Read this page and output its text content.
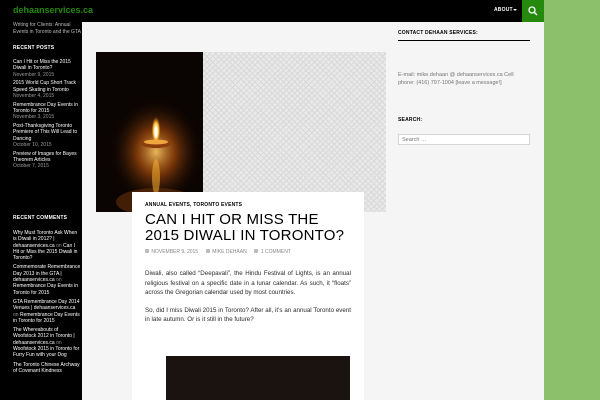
dehaanservices.ca	ABOUT
Writing for Clients: Annual Events in Toronto and the GTA
RECENT POSTS
Can I Hit or Miss the 2015 Diwali in Toronto?
November 9, 2015
2015 World Cup Short Track Speed Skating in Toronto
November 4, 2015
Remembrance Day Events in Toronto for 2015
November 3, 2015
Post-Thanksgiving Toronto Premiere of This Will Lead to Dancing
October 10, 2015
Preview of Images for Bayes Theorem Articles
October 7, 2015
RECENT COMMENTS
Why Must Toronto Ask When is Diwali in 2012? | dehaanservices.ca on Can I Hit or Miss the 2015 Diwali in Toronto?
Commemorate Remembrance Day 2013 in the GTA | dehaanservices.ca on Remembrance Day Events in Toronto for 2015
GTA Remembrance Day 2014 Venues | dehaanservices.ca on Remembrance Day Events in Toronto for 2015
The Whereabouts of Woofstock 2012 in Toronto | dehaanservices.ca on Woofstock 2015 in Toronto for Furry Fun with your Dog
The Toronto Chinese Archway of Covenant Kindness
ANNUAL EVENTS, TORONTO EVENTS
CAN I HIT OR MISS THE 2015 DIWALI IN TORONTO?
NOVEMBER 9, 2015	MIKE DEHAAN	1 COMMENT

Diwali, also called “Deepavali”, the Hindu Festival of Lights, is an annual religious festival on a specific date in a lunar calendar. As such, it “floats” across the Gregorian calendar used by most countries.

So, did I miss Diwali 2015 in Toronto? After all, it’s an annual Toronto event in late autumn. Or is it still in the future?

CONTACT DEHAAN SERVICES:
E-mail: mike.dehaan @ dehaanservices.ca Cell phone: (416) 797-1004 [leave a message!]
SEARCH:
Search …
